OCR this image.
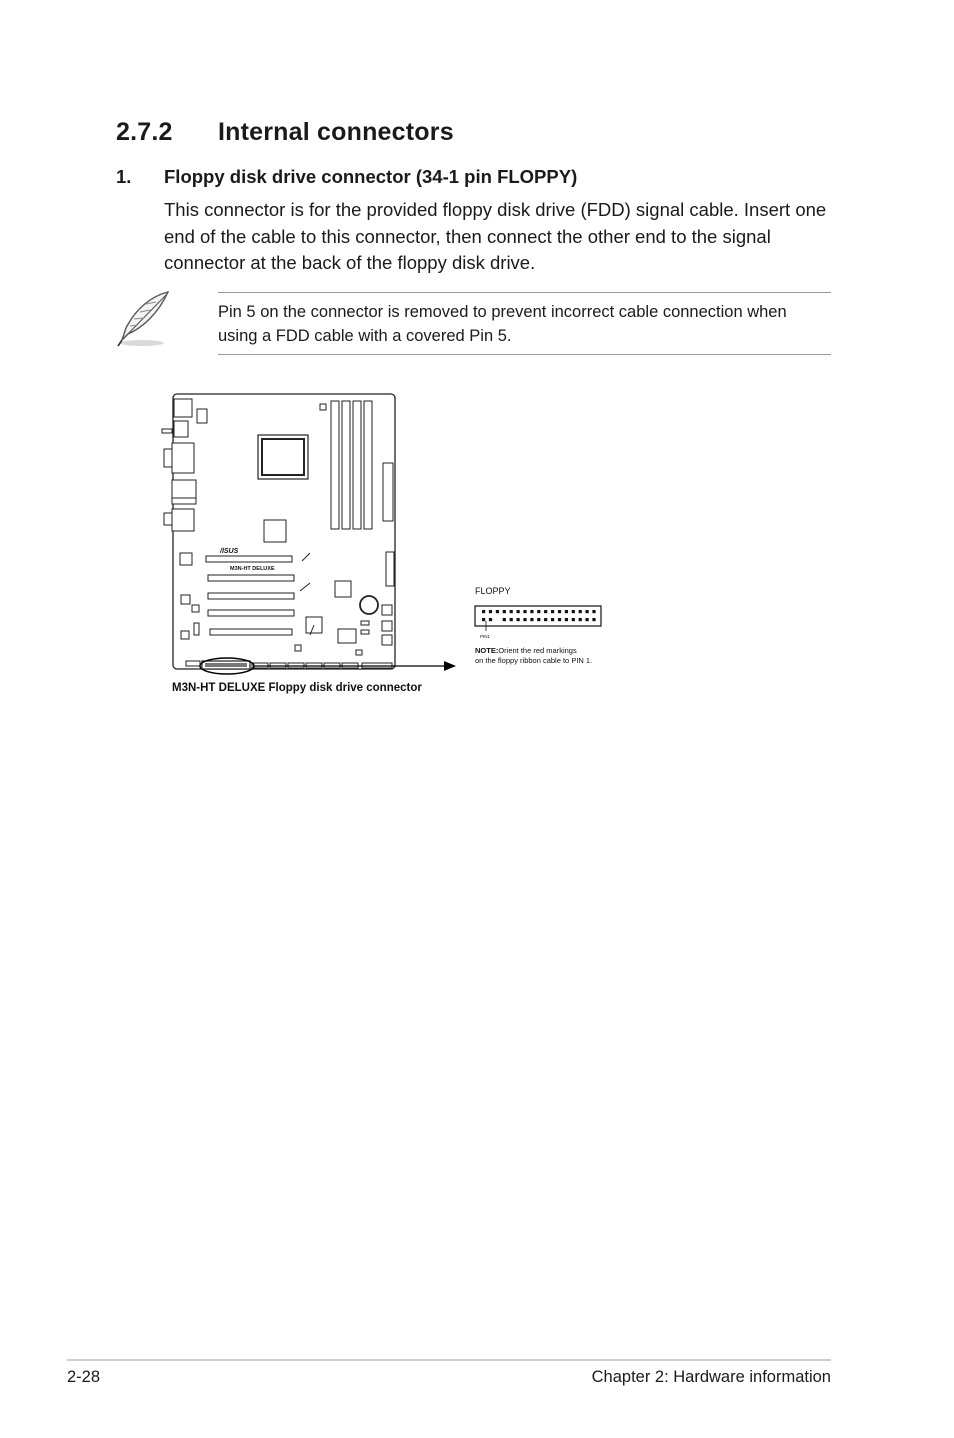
2.7.2 Internal connectors
1. Floppy disk drive connector (34-1 pin FLOPPY)
This connector is for the provided floppy disk drive (FDD) signal cable. Insert one end of the cable to this connector, then connect the other end to the signal connector at the back of the floppy disk drive.
Pin 5 on the connector is removed to prevent incorrect cable connection when using a FDD cable with a covered Pin 5.
/ISUS
M3N-HT DELUXE
FLOPPY
PIN1
NOTE:Orient the red markings
on the floppy ribbon cable to PIN 1.
M3N-HT DELUXE Floppy disk drive connector
2-28	Chapter 2: Hardware information
